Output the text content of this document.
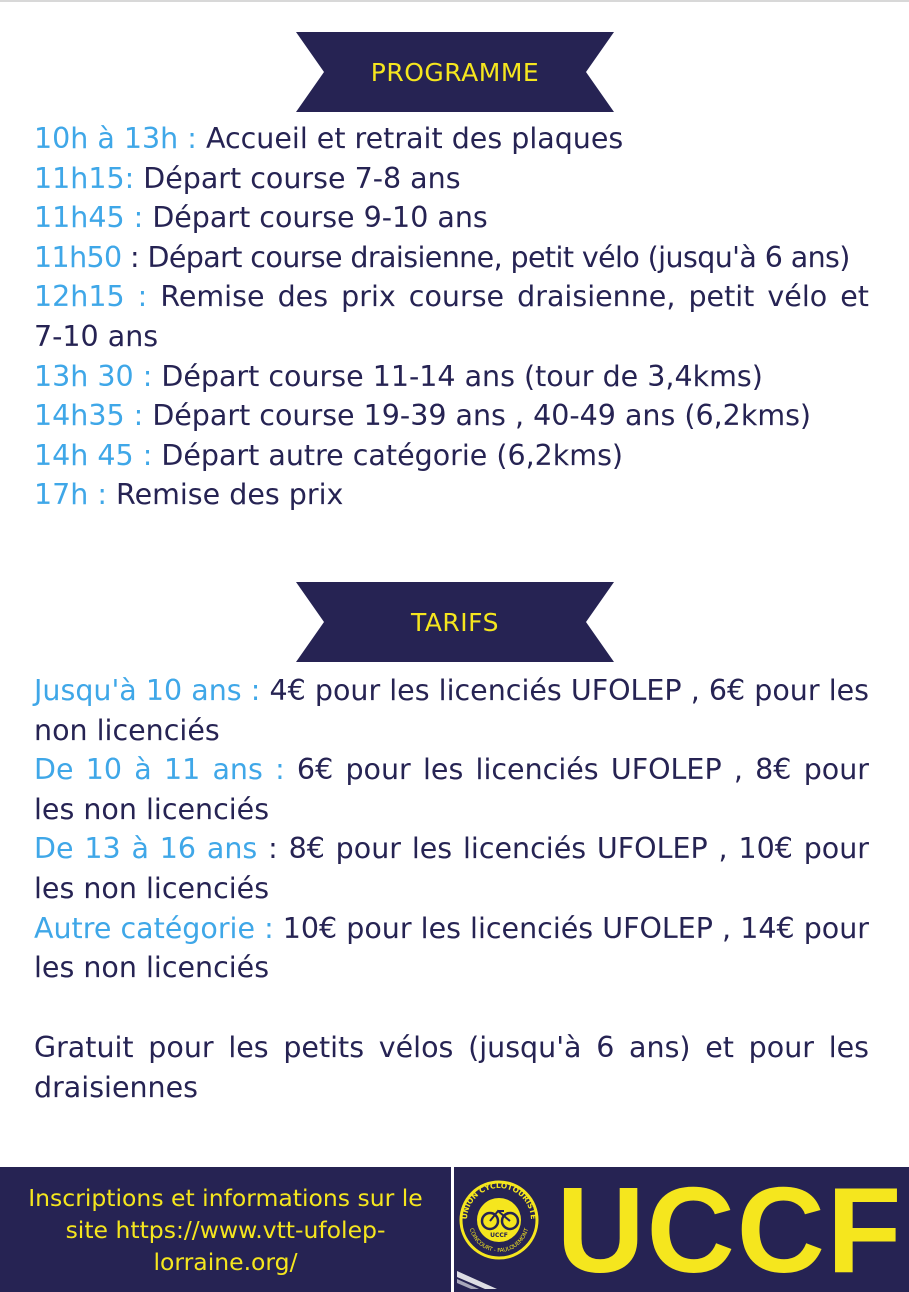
PROGRAMME
10h à 13h : Accueil et retrait des plaques
11h15: Départ course 7-8 ans
11h45 : Départ course 9-10 ans
11h50 : Départ course draisienne, petit vélo (jusqu'à 6 ans)
12h15 : Remise des prix course draisienne, petit vélo et 7-10 ans
13h 30 : Départ course 11-14 ans (tour de 3,4kms)
14h35 : Départ course 19-39 ans , 40-49 ans (6,2kms)
14h 45 : Départ autre catégorie (6,2kms)
17h : Remise des prix
TARIFS
Jusqu'à 10 ans : 4€ pour les licenciés UFOLEP , 6€ pour les non licenciés
De 10 à 11 ans : 6€ pour les licenciés UFOLEP , 8€ pour les non licenciés
De 13 à 16 ans : 8€ pour les licenciés UFOLEP , 10€ pour les non licenciés
Autre catégorie : 10€ pour les licenciés UFOLEP , 14€ pour les non licenciés
Gratuit pour les petits vélos (jusqu'à 6 ans) et pour les draisiennes
Inscriptions et informations sur le site https://www.vtt-ufolep-lorraine.org/
UNION CYCLOTOURISTE
COINCOURT - FAULQUEMONT
UCCF UCCF
